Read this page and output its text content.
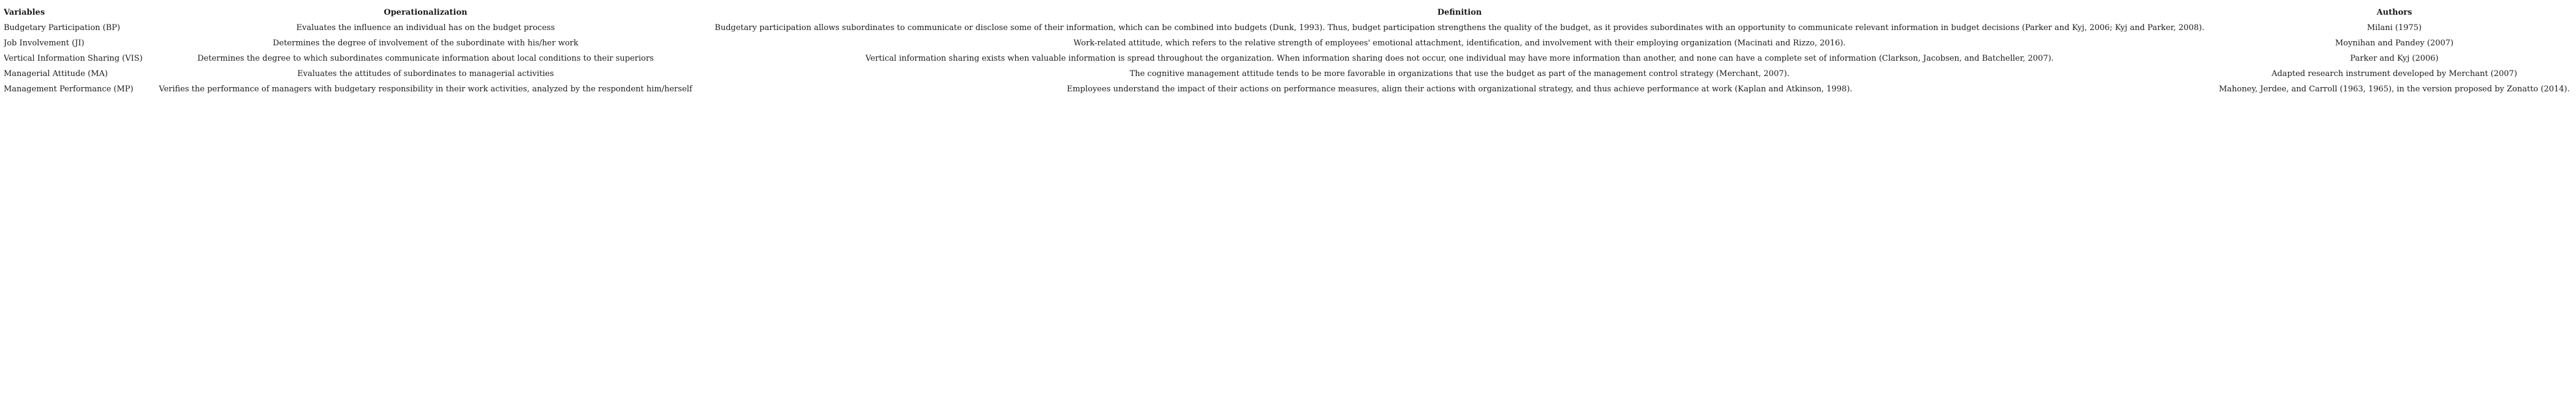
Variables	Operationalization	Definition	Authors
Budgetary Participation (BP)	Evaluates the influence an individual has on the budget process	Budgetary participation allows subordinates to communicate or disclose some of their information, which can be combined into budgets (Dunk, 1993). Thus, budget participation strengthens the quality of the budget, as it provides subordinates with an opportunity to communicate relevant information in budget decisions (Parker and Kyj, 2006; Kyj and Parker, 2008).	Milani (1975)
Job Involvement (JI)	Determines the degree of involvement of the subordinate with his/her work	Work-related attitude, which refers to the relative strength of employees' emotional attachment, identification, and involvement with their employing organization (Macinati and Rizzo, 2016).	Moynihan and Pandey (2007)
Vertical Information Sharing (VIS)	Determines the degree to which subordinates communicate information about local conditions to their superiors	Vertical information sharing exists when valuable information is spread throughout the organization. When information sharing does not occur, one individual may have more information than another, and none can have a complete set of information (Clarkson, Jacobsen, and Batcheller, 2007).	Parker and Kyj (2006)
Managerial Attitude (MA)	Evaluates the attitudes of subordinates to managerial activities	The cognitive management attitude tends to be more favorable in organizations that use the budget as part of the management control strategy (Merchant, 2007).	Adapted research instrument developed by Merchant (2007)
Management Performance (MP)	Verifies the performance of managers with budgetary responsibility in their work activities, analyzed by the respondent him/herself	Employees understand the impact of their actions on performance measures, align their actions with organizational strategy, and thus achieve performance at work (Kaplan and Atkinson, 1998).	Mahoney, Jerdee, and Carroll (1963, 1965), in the version proposed by Zonatto (2014).
